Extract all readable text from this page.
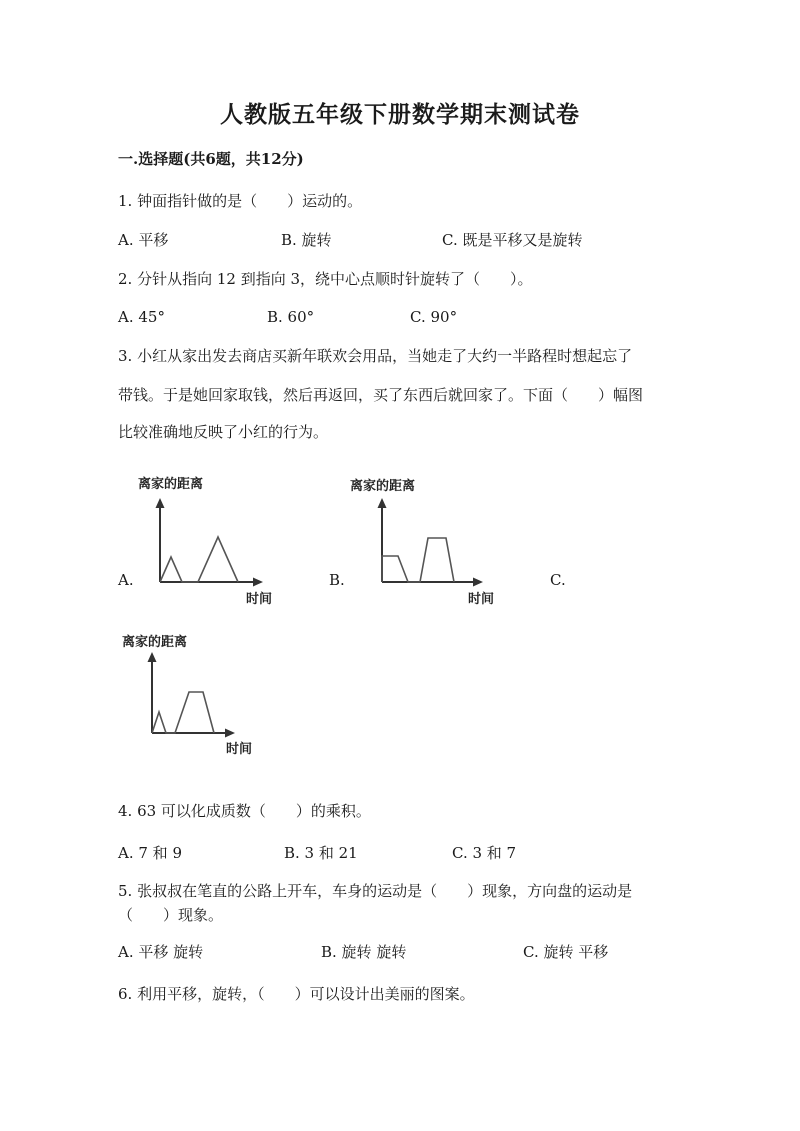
人教版五年级下册数学期末测试卷
一.选择题(共6题，共12分)
1. 钟面指针做的是（　　）运动的。
A. 平移	B. 旋转	C. 既是平移又是旋转
2. 分针从指向 12 到指向 3，绕中心点顺时针旋转了（　　）。
A. 45°	B. 60°	C. 90°
3. 小红从家出发去商店买新年联欢会用品，当她走了大约一半路程时想起忘了
带钱。于是她回家取钱，然后再返回，买了东西后就回家了。下面（　　）幅图
比较准确地反映了小红的行为。
A.	B.	C.
离家的距离
时间
离家的距离
时间
离家的距离
时间
4. 63 可以化成质数（　　）的乘积。
A. 7 和 9	B. 3 和 21	C. 3 和 7
5. 张叔叔在笔直的公路上开车，车身的运动是（　　）现象，方向盘的运动是
（　　）现象。
A. 平移 旋转	B. 旋转 旋转	C. 旋转 平移
6. 利用平移，旋转，（　　）可以设计出美丽的图案。
